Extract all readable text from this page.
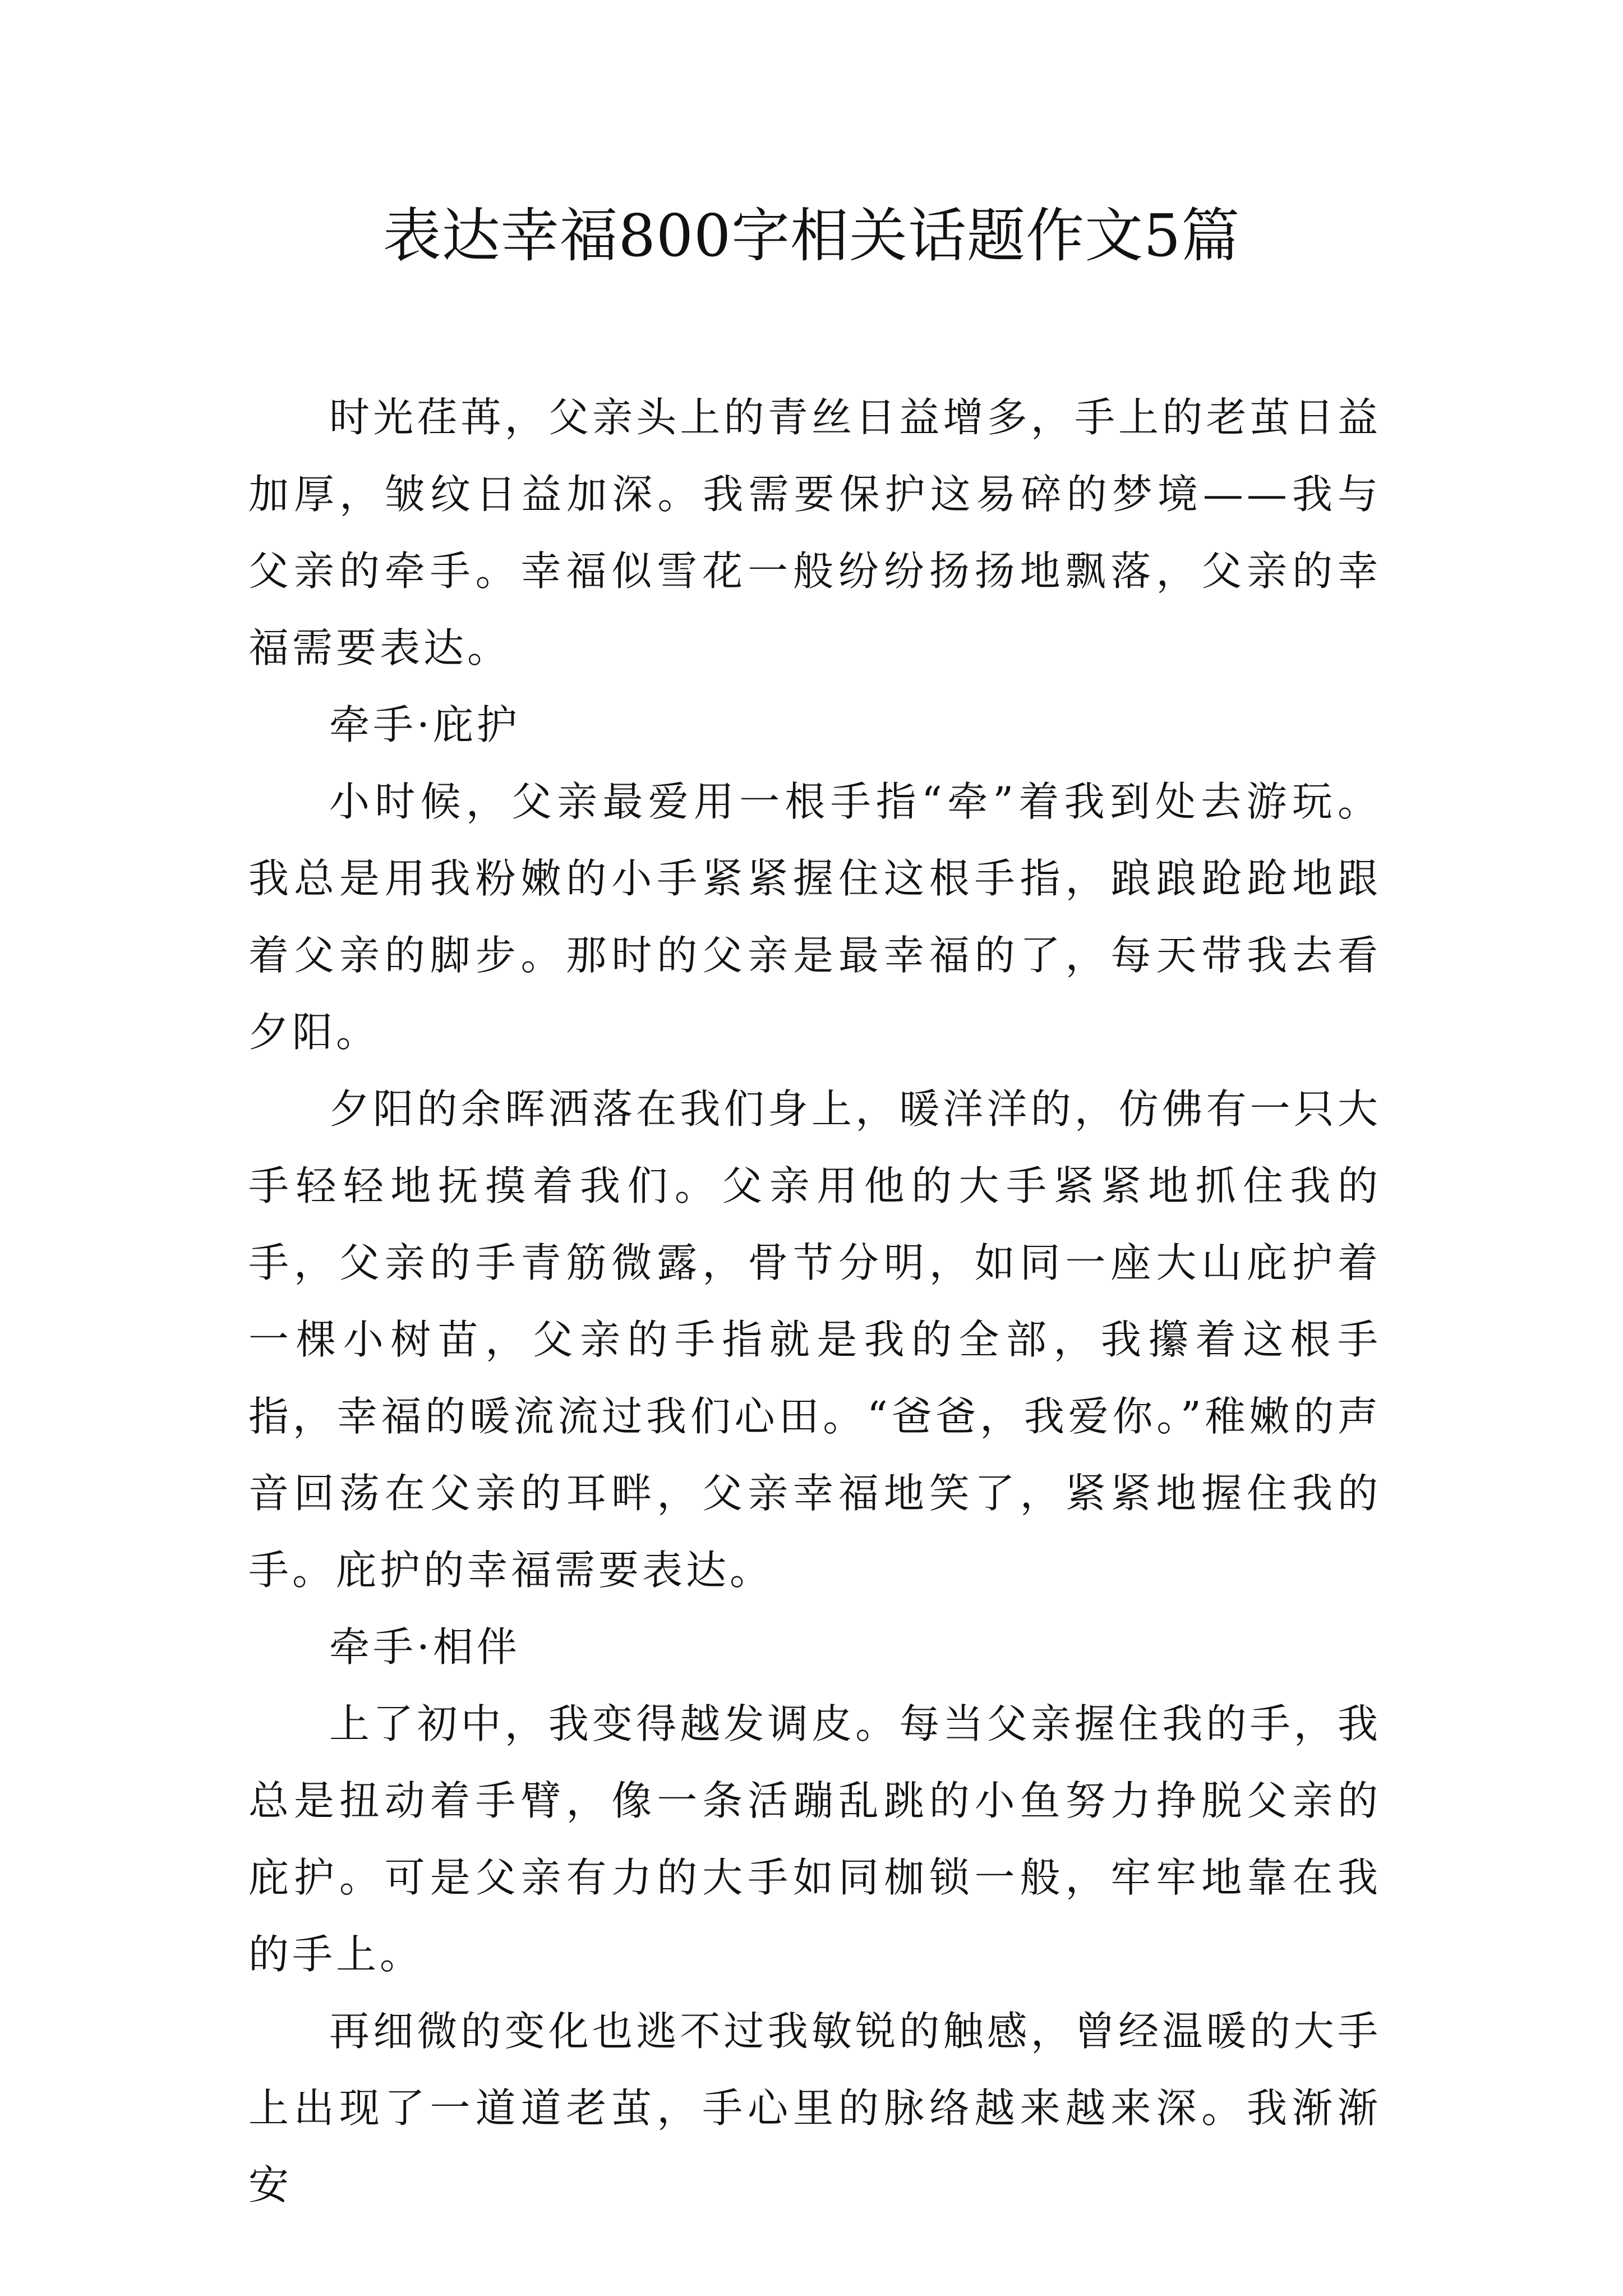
表达幸福800字相关话题作文5篇

时光荏苒，父亲头上的青丝日益增多，手上的老茧日益加厚，皱纹日益加深。我需要保护这易碎的梦境——我与父亲的牵手。幸福似雪花一般纷纷扬扬地飘落，父亲的幸福需要表达。

牵手·庇护

小时候，父亲最爱用一根手指“牵”着我到处去游玩。我总是用我粉嫩的小手紧紧握住这根手指，踉踉跄跄地跟着父亲的脚步。那时的父亲是最幸福的了，每天带我去看夕阳。

夕阳的余晖洒落在我们身上，暖洋洋的，仿佛有一只大手轻轻地抚摸着我们。父亲用他的大手紧紧地抓住我的手，父亲的手青筋微露，骨节分明，如同一座大山庇护着一棵小树苗，父亲的手指就是我的全部，我攥着这根手指，幸福的暖流流过我们心田。“爸爸，我爱你。”稚嫩的声音回荡在父亲的耳畔，父亲幸福地笑了，紧紧地握住我的手。庇护的幸福需要表达。

牵手·相伴

上了初中，我变得越发调皮。每当父亲握住我的手，我总是扭动着手臂，像一条活蹦乱跳的小鱼努力挣脱父亲的庇护。可是父亲有力的大手如同枷锁一般，牢牢地靠在我的手上。

再细微的变化也逃不过我敏锐的触感，曾经温暖的大手上出现了一道道老茧，手心里的脉络越来越来深。我渐渐安
